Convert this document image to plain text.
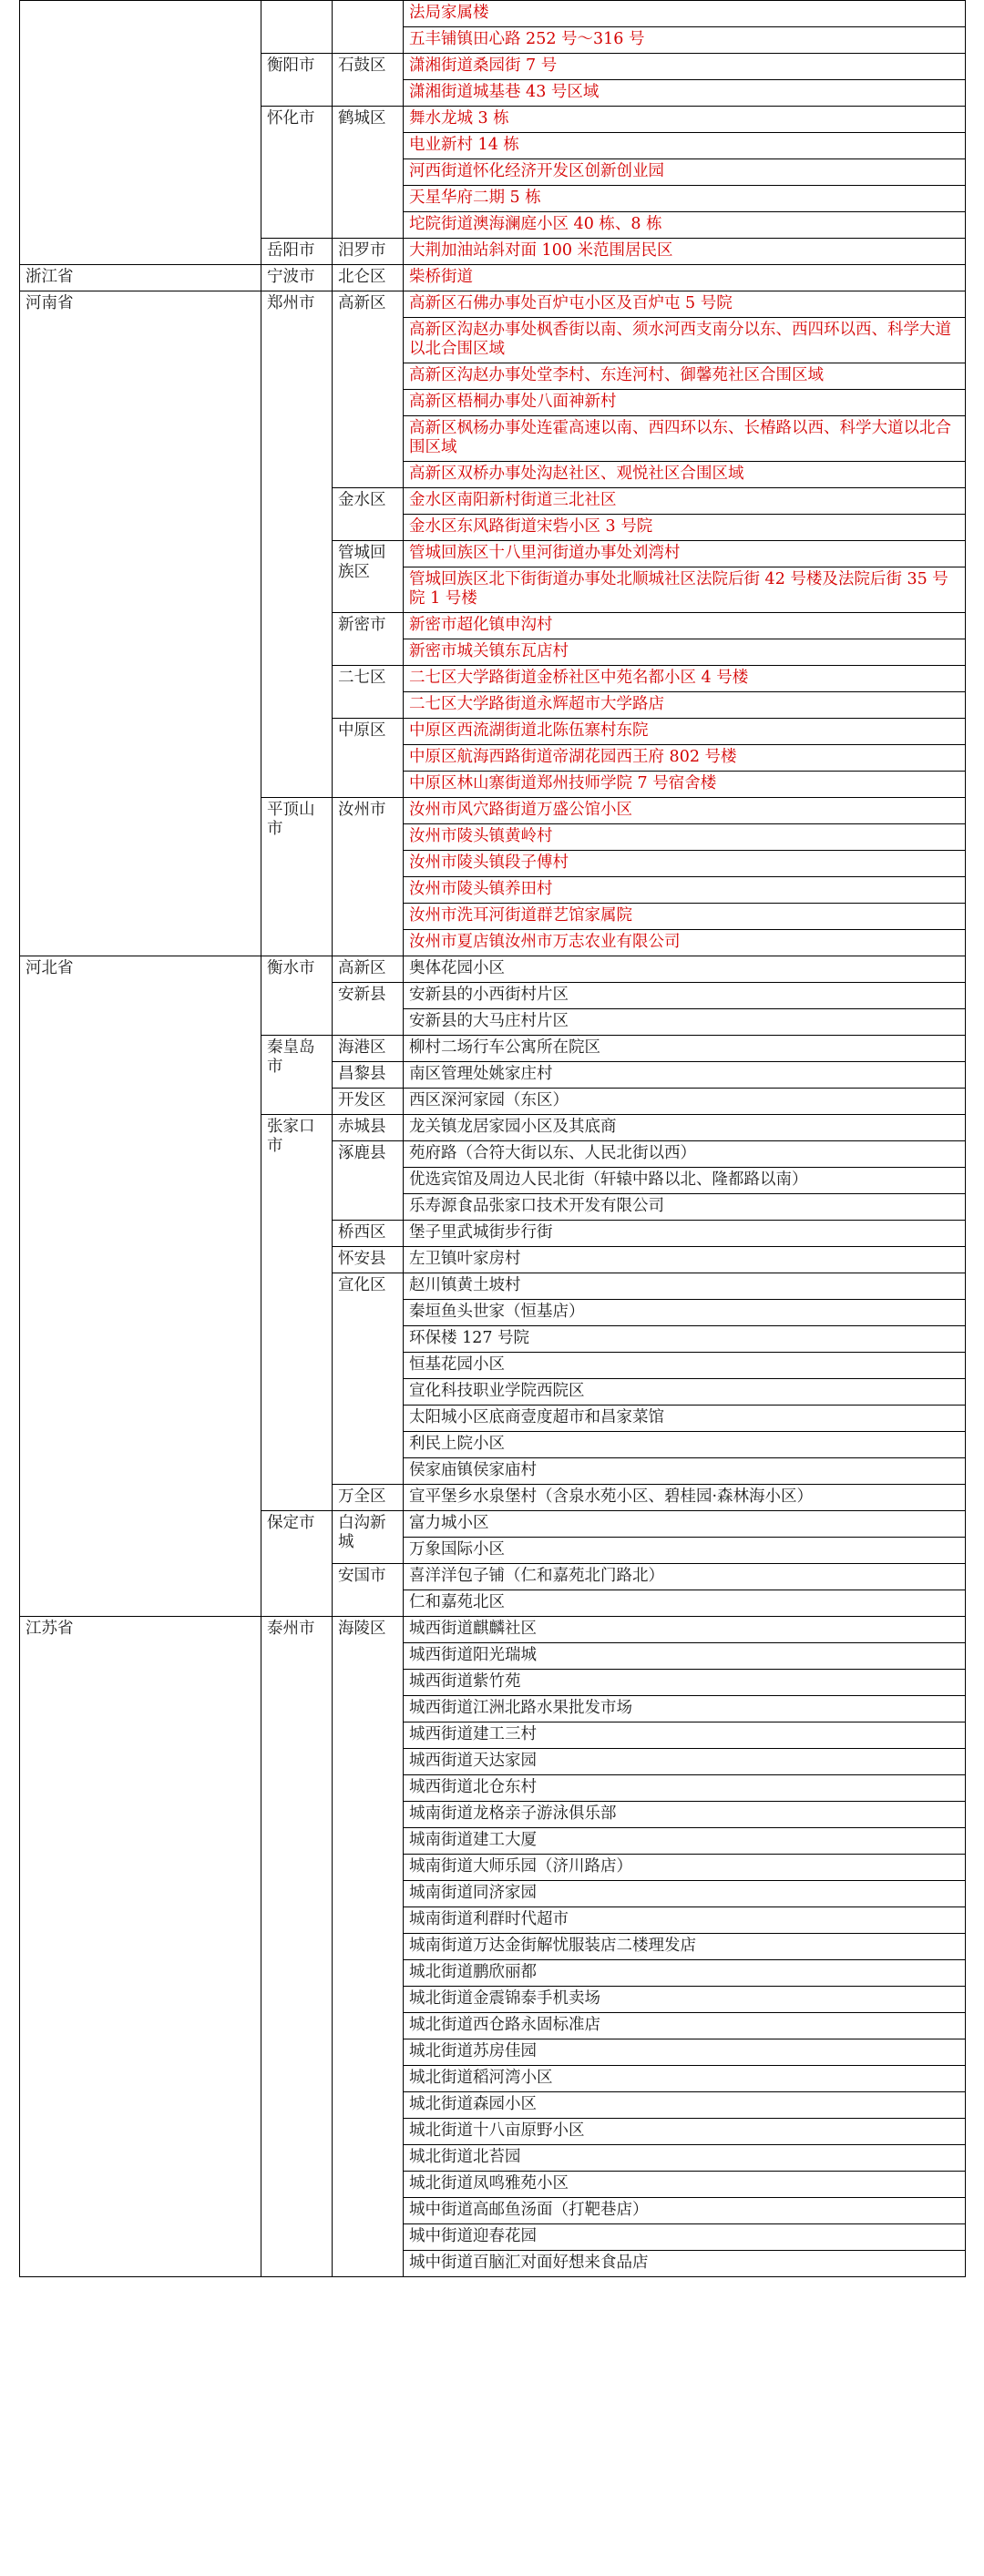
			法局家属楼
			五丰铺镇田心路 252 号～316 号
	衡阳市	石鼓区	潇湘街道桑园街 7 号
			潇湘街道城基巷 43 号区域
	怀化市	鹤城区	舞水龙城 3 栋
			电业新村 14 栋
			河西街道怀化经济开发区创新创业园
			天星华府二期 5 栋
			坨院街道澳海澜庭小区 40 栋、8 栋
	岳阳市	汨罗市	大荆加油站斜对面 100 米范围居民区
浙江省	宁波市	北仑区	柴桥街道
河南省	郑州市	高新区	高新区石佛办事处百炉屯小区及百炉屯 5 号院
			高新区沟赵办事处枫香街以南、须水河西支南分以东、西四环以西、科学大道以北合围区域
			高新区沟赵办事处堂李村、东连河村、御馨苑社区合围区域
			高新区梧桐办事处八面神新村
			高新区枫杨办事处连霍高速以南、西四环以东、长椿路以西、科学大道以北合围区域
			高新区双桥办事处沟赵社区、观悦社区合围区域
		金水区	金水区南阳新村街道三北社区
			金水区东风路街道宋砦小区 3 号院
		管城回族区	管城回族区十八里河街道办事处刘湾村
			管城回族区北下街街道办事处北顺城社区法院后街 42 号楼及法院后街 35 号院 1 号楼
		新密市	新密市超化镇申沟村
			新密市城关镇东瓦店村
		二七区	二七区大学路街道金桥社区中苑名都小区 4 号楼
			二七区大学路街道永辉超市大学路店
		中原区	中原区西流湖街道北陈伍寨村东院
			中原区航海西路街道帝湖花园西王府 802 号楼
			中原区林山寨街道郑州技师学院 7 号宿舍楼
	平顶山市	汝州市	汝州市风穴路街道万盛公馆小区
			汝州市陵头镇黄岭村
			汝州市陵头镇段子傅村
			汝州市陵头镇养田村
			汝州市洗耳河街道群艺馆家属院
			汝州市夏店镇汝州市万志农业有限公司
河北省	衡水市	高新区	奥体花园小区
		安新县	安新县的小西街村片区
			安新县的大马庄村片区
	秦皇岛市	海港区	柳村二场行车公寓所在院区
		昌黎县	南区管理处姚家庄村
		开发区	西区深河家园（东区）
	张家口市	赤城县	龙关镇龙居家园小区及其底商
		涿鹿县	苑府路（合符大街以东、人民北街以西）
			优选宾馆及周边人民北街（轩辕中路以北、隆都路以南）
			乐寿源食品张家口技术开发有限公司
		桥西区	堡子里武城街步行街
		怀安县	左卫镇叶家房村
		宣化区	赵川镇黄土坡村
			秦垣鱼头世家（恒基店）
			环保楼 127 号院
			恒基花园小区
			宣化科技职业学院西院区
			太阳城小区底商壹度超市和昌家菜馆
			利民上院小区
			侯家庙镇侯家庙村
		万全区	宣平堡乡水泉堡村（含泉水苑小区、碧桂园·森林海小区）
	保定市	白沟新城	富力城小区
			万象国际小区
		安国市	喜洋洋包子铺（仁和嘉苑北门路北）
			仁和嘉苑北区
江苏省	泰州市	海陵区	城西街道麒麟社区
			城西街道阳光瑞城
			城西街道紫竹苑
			城西街道江洲北路水果批发市场
			城西街道建工三村
			城西街道天达家园
			城西街道北仓东村
			城南街道龙格亲子游泳俱乐部
			城南街道建工大厦
			城南街道大师乐园（济川路店）
			城南街道同济家园
			城南街道利群时代超市
			城南街道万达金街解忧服装店二楼理发店
			城北街道鹏欣丽都
			城北街道金震锦泰手机卖场
			城北街道西仓路永固标准店
			城北街道苏房佳园
			城北街道稻河湾小区
			城北街道森园小区
			城北街道十八亩原野小区
			城北街道北苔园
			城北街道凤鸣雅苑小区
			城中街道高邮鱼汤面（打靶巷店）
			城中街道迎春花园
			城中街道百脑汇对面好想来食品店
